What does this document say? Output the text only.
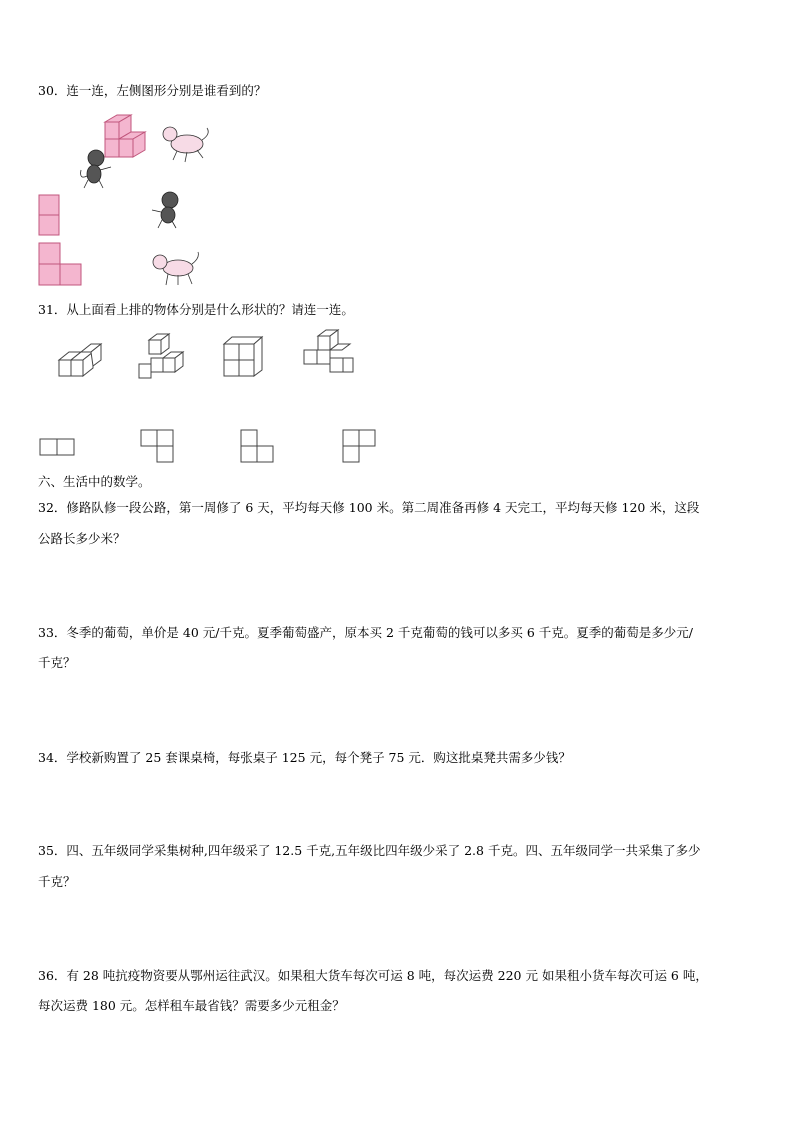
30．连一连，左侧图形分别是谁看到的？
31．从上面看上排的物体分别是什么形状的？请连一连。
六、生活中的数学。
32．修路队修一段公路，第一周修了 6 天，平均每天修 100 米。第二周准备再修 4 天完工，平均每天修 120 米，这段
公路长多少米？
33．冬季的葡萄，单价是 40 元/千克。夏季葡萄盛产，原本买 2 千克葡萄的钱可以多买 6 千克。夏季的葡萄是多少元/
千克？
34．学校新购置了 25 套课桌椅，每张桌子 125 元，每个凳子 75 元．购这批桌凳共需多少钱？
35．四、五年级同学采集树种,四年级采了 12.5 千克,五年级比四年级少采了 2.8 千克。四、五年级同学一共采集了多少
千克？
36．有 28 吨抗疫物资要从鄂州运往武汉。如果租大货车每次可运 8 吨，每次运费 220 元 如果租小货车每次可运 6 吨，
每次运费 180 元。怎样租车最省钱？需要多少元租金？
